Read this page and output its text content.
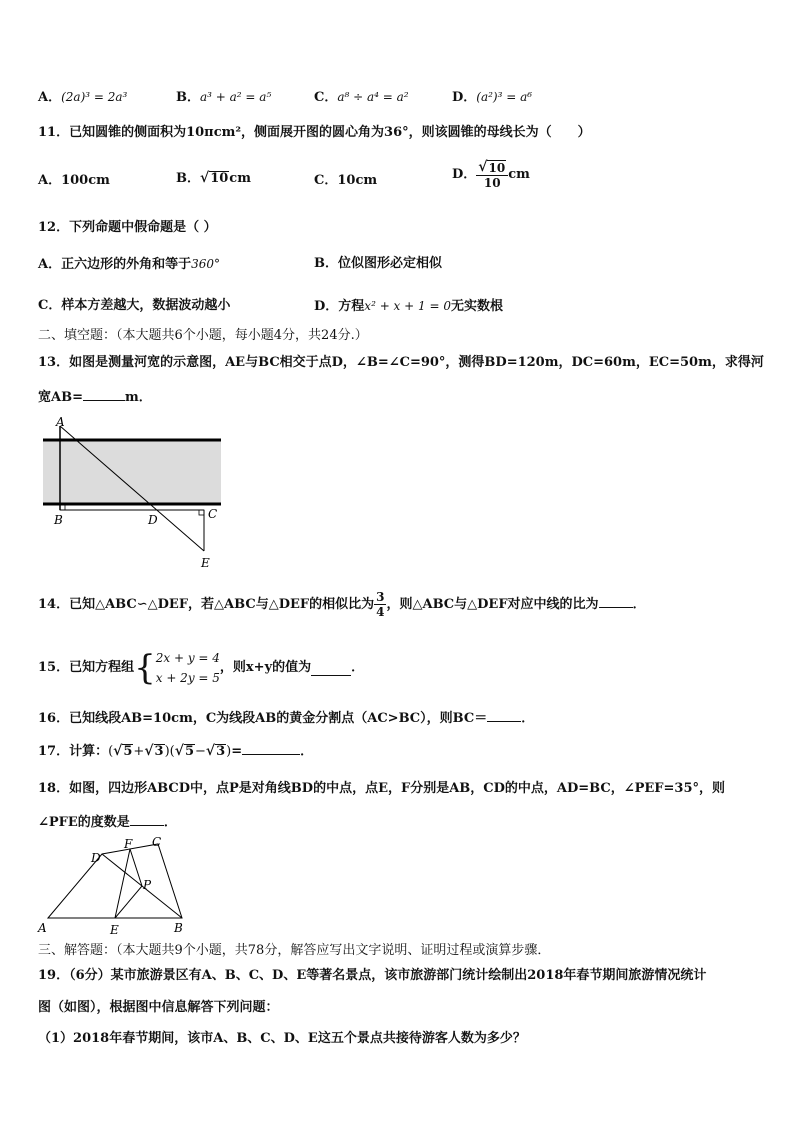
A．(2a)³ = 2a³	B．a³ + a² = a⁵	C．a⁸ ÷ a⁴ = a²	D．(a²)³ = a⁶
11．已知圆锥的侧面积为10πcm²，侧面展开图的圆心角为36°，则该圆锥的母线长为（　　）
A．100cm	B． √ 10 cm	C．10cm	D． $\frac{√ 10}{10}$ cm
12．下列命题中假命题是（ ）
A．正六边形的外角和等于360°	B．位似图形必定相似
C．样本方差越大，数据波动越小	D．方程x² + x + 1 = 0无实数根
二、填空题：（本大题共6个小题，每小题4分，共24分.）
13．如图是测量河宽的示意图，AE与BC相交于点D，∠B=∠C=90°，测得BD=120m，DC=60m，EC=50m，求得河
宽AB=	m．
A
B	D	C
E
14．已知△ABC∽△DEF，若△ABC与△DEF的相似比为 $\frac{3}{4}$ ，则△ABC与△DEF对应中线的比为	．
15．已知方程组{ 2x + y = 4
x + 2y = 5
，则x+y的值为	．
16．已知线段AB=10cm，C为线段AB的黄金分割点（AC>BC），则BC＝	．
17．计算：( √ 5 + √ 3 )( √ 5 − √ 3 )=	．
18．如图，四边形ABCD中，点P是对角线BD的中点，点E，F分别是AB，CD的中点，AD=BC，∠PEF=35°，则
∠PFE的度数是	．
A	B
C
D
E
F
P
三、解答题：（本大题共9个小题，共78分，解答应写出文字说明、证明过程或演算步骤．
19．（6分）某市旅游景区有A、B、C、D、E等著名景点，该市旅游部门统计绘制出2018年春节期间旅游情况统计
图（如图），根据图中信息解答下列问题：
（1）2018年春节期间，该市A、B、C、D、E这五个景点共接待游客人数为多少？
